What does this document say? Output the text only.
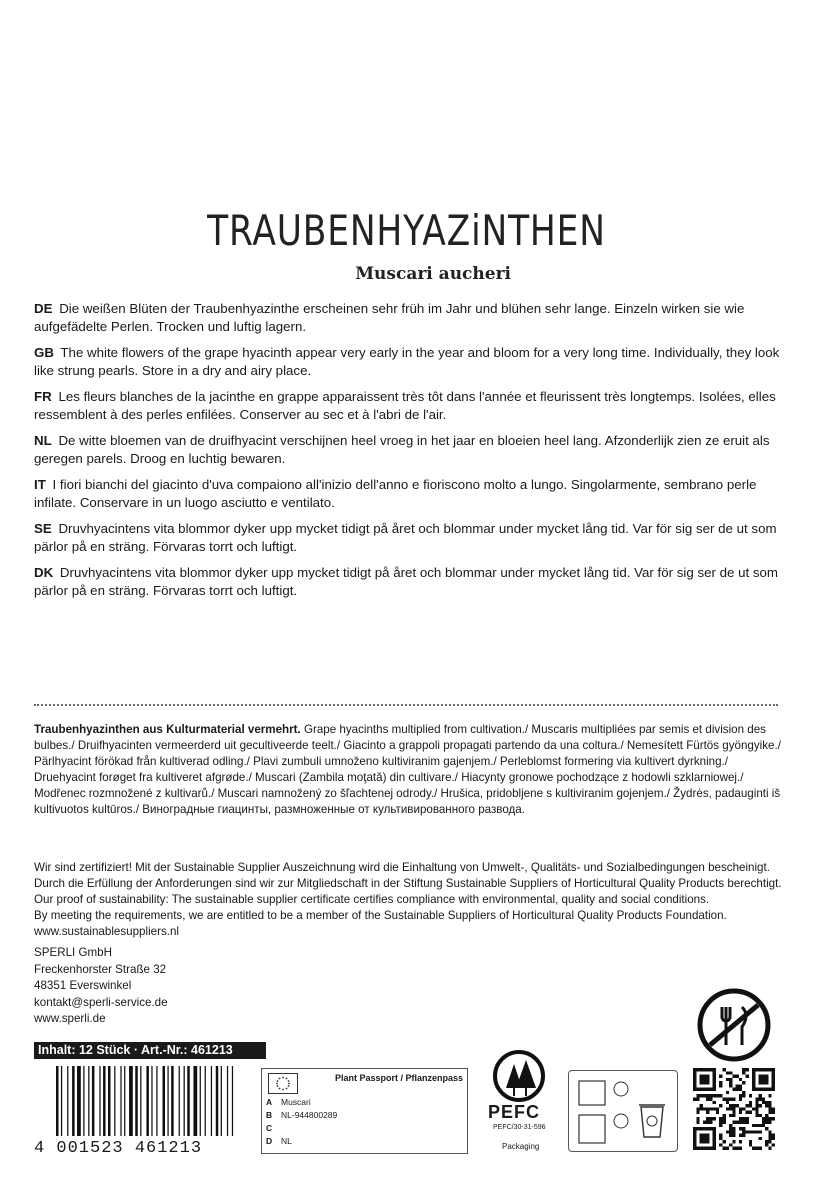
TRAUBENHYAZiNTHEN
Muscari aucheri

DE Die weißen Blüten der Traubenhyazinthe erscheinen sehr früh im Jahr und blühen sehr lange. Einzeln wirken sie wie aufgefädelte Perlen. Trocken und luftig lagern.

GB The white flowers of the grape hyacinth appear very early in the year and bloom for a very long time. Individually, they look like strung pearls. Store in a dry and airy place.

FR Les fleurs blanches de la jacinthe en grappe apparaissent très tôt dans l'année et fleurissent très longtemps. Isolées, elles ressemblent à des perles enfilées. Conserver au sec et à l'abri de l'air.

NL De witte bloemen van de druifhyacint verschijnen heel vroeg in het jaar en bloeien heel lang. Afzonderlijk zien ze eruit als geregen parels. Droog en luchtig bewaren.

IT I fiori bianchi del giacinto d'uva compaiono all'inizio dell'anno e fioriscono molto a lungo. Singolarmente, sembrano perle infilate. Conservare in un luogo asciutto e ventilato.

SE Druvhyacintens vita blommor dyker upp mycket tidigt på året och blommar under mycket lång tid. Var för sig ser de ut som pärlor på en sträng. Förvaras torrt och luftigt.

DK Druvhyacintens vita blommor dyker upp mycket tidigt på året och blommar under mycket lång tid. Var för sig ser de ut som pärlor på en sträng. Förvaras torrt och luftigt.

Traubenhyazinthen aus Kulturmaterial vermehrt. Grape hyacinths multiplied from cultivation./ Muscaris multipliées par semis et division des bulbes./ Druifhyacinten vermeerderd uit gecultiveerde teelt./ Giacinto a grappoli propagati partendo da una coltura./ Nemesített Fürtös gyöngyike./ Pärlhyacint förökad från kultiverad odling./ Plavi zumbuli umnoženo kultiviranim gajenjem./ Perleblomst formering via kultivert dyrkning./ Druehyacint forøget fra kultiveret afgrøde./ Muscari (Zambila moţată) din cultivare./ Hiacynty gronowe pochodzące z hodowli szklarniowej./ Modřenec rozmnožené z kultivarů./ Muscari namnožený zo šľachtenej odrody./ Hrušica, pridobljene s kultiviranim gojenjem./ Žydrės, padauginti iš kultivuotos kultūros./ Виноградные гиацинты, размноженные от культивированного развода.
Wir sind zertifiziert! Mit der Sustainable Supplier Auszeichnung wird die Einhaltung von Umwelt-, Qualitäts- und Sozialbedingungen bescheinigt.
Durch die Erfüllung der Anforderungen sind wir zur Mitgliedschaft in der Stiftung Sustainable Suppliers of Horticultural Quality Products berechtigt.
Our proof of sustainability: The sustainable supplier certificate certifies compliance with environmental, quality and social conditions.
By meeting the requirements, we are entitled to be a member of the Sustainable Suppliers of Horticultural Quality Products Foundation.
www.sustainablesuppliers.nl
SPERLI GmbH
Freckenhorster Straße 32
48351 Everswinkel
kontakt@sperli-service.de
www.sperli.de
Inhalt: 12 Stück · Art.-Nr.: 461213
4 001523 461213
Plant Passport / Pflanzenpass
A Muscari
B NL-944800289
C
D NL
PEFC
PEFC/30-31-596
Packaging
